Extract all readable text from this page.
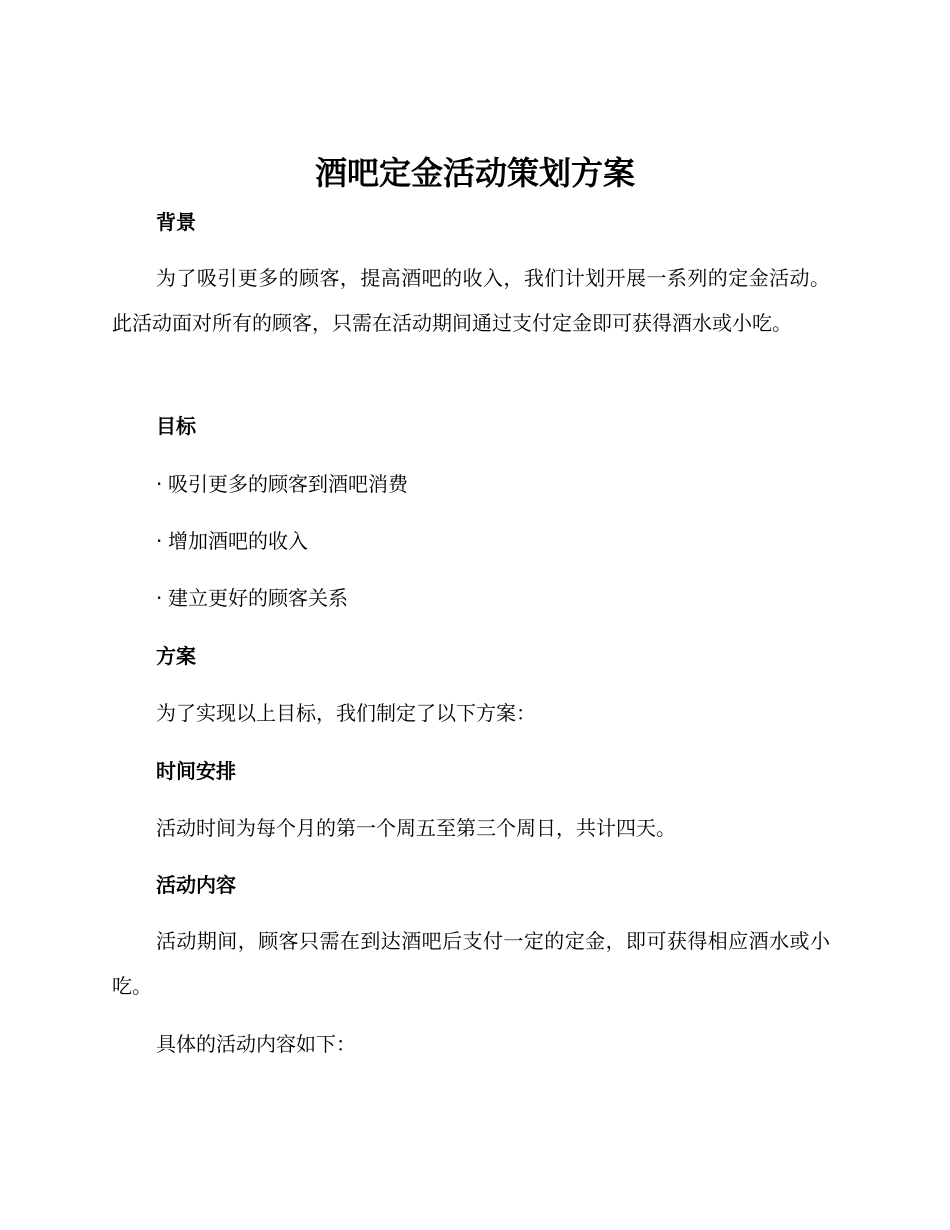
酒吧定金活动策划方案
背景
为了吸引更多的顾客，提高酒吧的收入，我们计划开展一系列的定金活动。此活动面对所有的顾客，只需在活动期间通过支付定金即可获得酒水或小吃。
目标
· 吸引更多的顾客到酒吧消费
· 增加酒吧的收入
· 建立更好的顾客关系
方案
为了实现以上目标，我们制定了以下方案：
时间安排
活动时间为每个月的第一个周五至第三个周日，共计四天。
活动内容
活动期间，顾客只需在到达酒吧后支付一定的定金，即可获得相应酒水或小吃。
具体的活动内容如下：
